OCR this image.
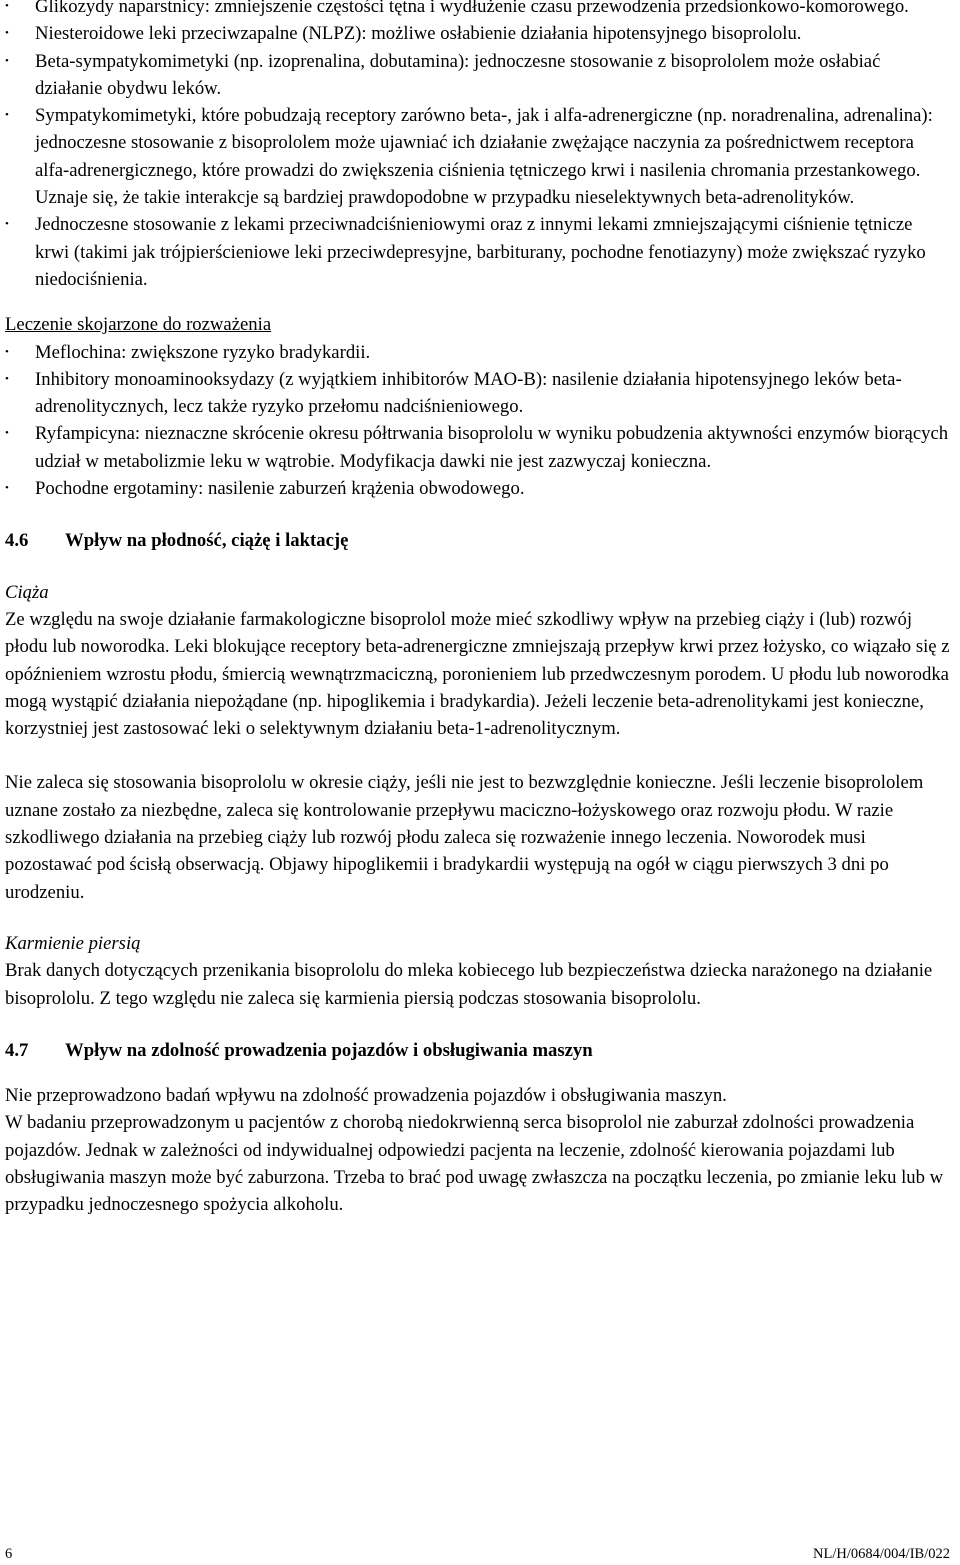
• Glikozydy naparstnicy: zmniejszenie częstości tętna i wydłużenie czasu przewodzenia przedsionkowo-komorowego.
• Niesteroidowe leki przeciwzapalne (NLPZ): możliwe osłabienie działania hipotensyjnego bisoprololu.
• Beta-sympatykomimetyki (np. izoprenalina, dobutamina): jednoczesne stosowanie z bisoprololem może osłabiać działanie obydwu leków.
• Sympatykomimetyki, które pobudzają receptory zarówno beta-, jak i alfa-adrenergiczne (np. noradrenalina, adrenalina): jednoczesne stosowanie z bisoprololem może ujawniać ich działanie zwężające naczynia za pośrednictwem receptora alfa-adrenergicznego, które prowadzi do zwiększenia ciśnienia tętniczego krwi i nasilenia chromania przestankowego. Uznaje się, że takie interakcje są bardziej prawdopodobne w przypadku nieselektywnych beta-adrenolityków.
• Jednoczesne stosowanie z lekami przeciwnadciśnieniowymi oraz z innymi lekami zmniejszającymi ciśnienie tętnicze krwi (takimi jak trójpierścieniowe leki przeciwdepresyjne, barbiturany, pochodne fenotiazyny) może zwiększać ryzyko niedociśnienia.
Leczenie skojarzone do rozważenia
• Meflochina: zwiększone ryzyko bradykardii.
• Inhibitory monoaminooksydazy (z wyjątkiem inhibitorów MAO-B): nasilenie działania hipotensyjnego leków beta-adrenolitycznych, lecz także ryzyko przełomu nadciśnieniowego.
• Ryfampicyna: nieznaczne skrócenie okresu półtrwania bisoprololu w wyniku pobudzenia aktywności enzymów biorących udział w metabolizmie leku w wątrobie. Modyfikacja dawki nie jest zazwyczaj konieczna.
• Pochodne ergotaminy: nasilenie zaburzeń krążenia obwodowego.
4.6	Wpływ na płodność, ciążę i laktację
Ciąża

Ze względu na swoje działanie farmakologiczne bisoprolol może mieć szkodliwy wpływ na przebieg ciąży i (lub) rozwój płodu lub noworodka. Leki blokujące receptory beta-adrenergiczne zmniejszają przepływ krwi przez łożysko, co wiązało się z opóźnieniem wzrostu płodu, śmiercią wewnątrzmaciczną, poronieniem lub przedwczesnym porodem. U płodu lub noworodka mogą wystąpić działania niepożądane (np. hipoglikemia i bradykardia). Jeżeli leczenie beta-adrenolitykami jest konieczne, korzystniej jest zastosować leki o selektywnym działaniu beta-1-adrenolitycznym.

Nie zaleca się stosowania bisoprololu w okresie ciąży, jeśli nie jest to bezwzględnie konieczne. Jeśli leczenie bisoprololem uznane zostało za niezbędne, zaleca się kontrolowanie przepływu maciczno-łożyskowego oraz rozwoju płodu. W razie szkodliwego działania na przebieg ciąży lub rozwój płodu zaleca się rozważenie innego leczenia. Noworodek musi pozostawać pod ścisłą obserwacją. Objawy hipoglikemii i bradykardii występują na ogół w ciągu pierwszych 3 dni po urodzeniu.

Karmienie piersią

Brak danych dotyczących przenikania bisoprololu do mleka kobiecego lub bezpieczeństwa dziecka narażonego na działanie bisoprololu. Z tego względu nie zaleca się karmienia piersią podczas stosowania bisoprololu.

4.7	Wpływ na zdolność prowadzenia pojazdów i obsługiwania maszyn

Nie przeprowadzono badań wpływu na zdolność prowadzenia pojazdów i obsługiwania maszyn.

W badaniu przeprowadzonym u pacjentów z chorobą niedokrwienną serca bisoprolol nie zaburzał zdolności prowadzenia pojazdów. Jednak w zależności od indywidualnej odpowiedzi pacjenta na leczenie, zdolność kierowania pojazdami lub obsługiwania maszyn może być zaburzona. Trzeba to brać pod uwagę zwłaszcza na początku leczenia, po zmianie leku lub w przypadku jednoczesnego spożycia alkoholu.

6	NL/H/0684/004/IB/022
